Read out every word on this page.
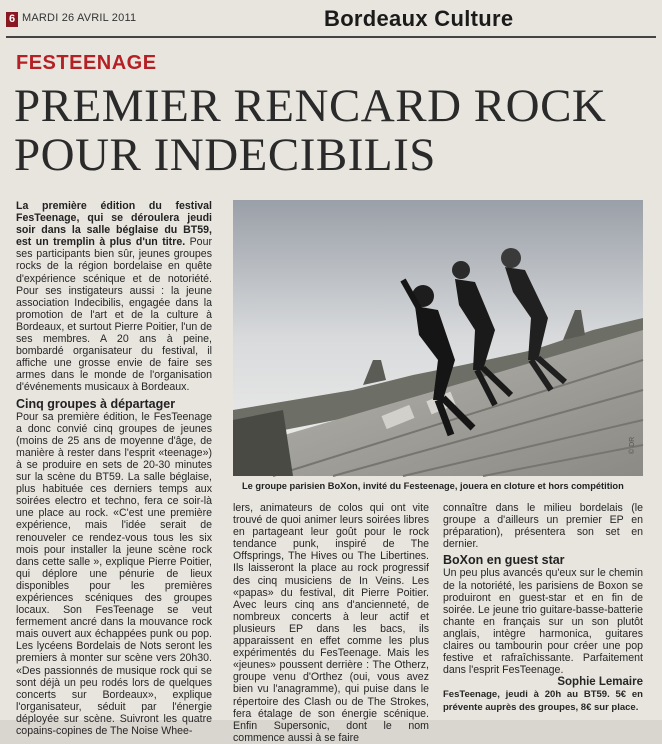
6 MARDI 26 AVRIL 2011	Bordeaux Culture
FESTEENAGE
PREMIER RENCARD ROCK POUR INDECIBILIS

La première édition du festival FesTeenage, qui se déroulera jeudi soir dans la salle béglaise du BT59, est un tremplin à plus d'un titre. Pour ses participants bien sûr, jeunes groupes rocks de la région bordelaise en quête d'expérience scénique et de notoriété. Pour ses instigateurs aussi : la jeune association Indecibilis, engagée dans la promotion de l'art et de la culture à Bordeaux, et surtout Pierre Poitier, l'un de ses membres. A 20 ans à peine, bombardé organisateur du festival, il affiche une grosse envie de faire ses armes dans le monde de l'organisation d'événements musicaux à Bordeaux.

Cinq groupes à départager

Pour sa première édition, le FesTeenage a donc convié cinq groupes de jeunes (moins de 25 ans de moyenne d'âge, de manière à rester dans l'esprit «teenage») à se produire en sets de 20-30 minutes sur la scène du BT59. La salle béglaise, plus habituée ces derniers temps aux soirées electro et techno, fera ce soir-là une place au rock. «C'est une première expérience, mais l'idée serait de renouveler ce rendez-vous tous les six mois pour installer la jeune scène rock dans cette salle », explique Pierre Poitier, qui déplore une pénurie de lieux disponibles pour les premières expériences scéniques des groupes locaux. Son FesTeenage se veut fermement ancré dans la mouvance rock mais ouvert aux échappées punk ou pop. Les lycéens Bordelais de Nots seront les premiers à monter sur scène vers 20h30. «Des passionnés de musique rock qui se sont déjà un peu rodés lors de quelques concerts sur Bordeaux», explique l'organisateur, séduit par l'énergie déployée sur scène. Suivront les quatre copains-copines de The Noise Whee-

© DR
Le groupe parisien BoXon, invité du Festeenage, jouera en cloture et hors compétition

lers, animateurs de colos qui ont vite trouvé de quoi animer leurs soirées libres en partageant leur goût pour le rock tendance punk, inspiré de The Offsprings, The Hives ou The Libertines. Ils laisseront la place au rock progressif des cinq musiciens de In Veins. Les «papas» du festival, dit Pierre Poitier. Avec leurs cinq ans d'ancienneté, de nombreux concerts à leur actif et plusieurs EP dans les bacs, ils apparaissent en effet comme les plus expérimentés du FesTeenage. Mais les «jeunes» poussent derrière : The Otherz, groupe venu d'Orthez (oui, vous avez bien vu l'anagramme), qui puise dans le répertoire des Clash ou de The Strokes, fera étalage de son énergie scénique. Enfin Supersonic, dont le nom commence aussi à se faire

connaître dans le milieu bordelais (le groupe a d'ailleurs un premier EP en préparation), présentera son set en dernier.

BoXon en guest star

Un peu plus avancés qu'eux sur le chemin de la notoriété, les parisiens de Boxon se produiront en guest-star et en fin de soirée. Le jeune trio guitare-basse-batterie chante en français sur un son plutôt anglais, intègre harmonica, guitares claires ou tambourin pour créer une pop festive et rafraîchissante. Parfaitement dans l'esprit FesTeenage.

Sophie Lemaire

FesTeenage, jeudi à 20h au BT59. 5€ en prévente auprès des groupes, 8€ sur place.
